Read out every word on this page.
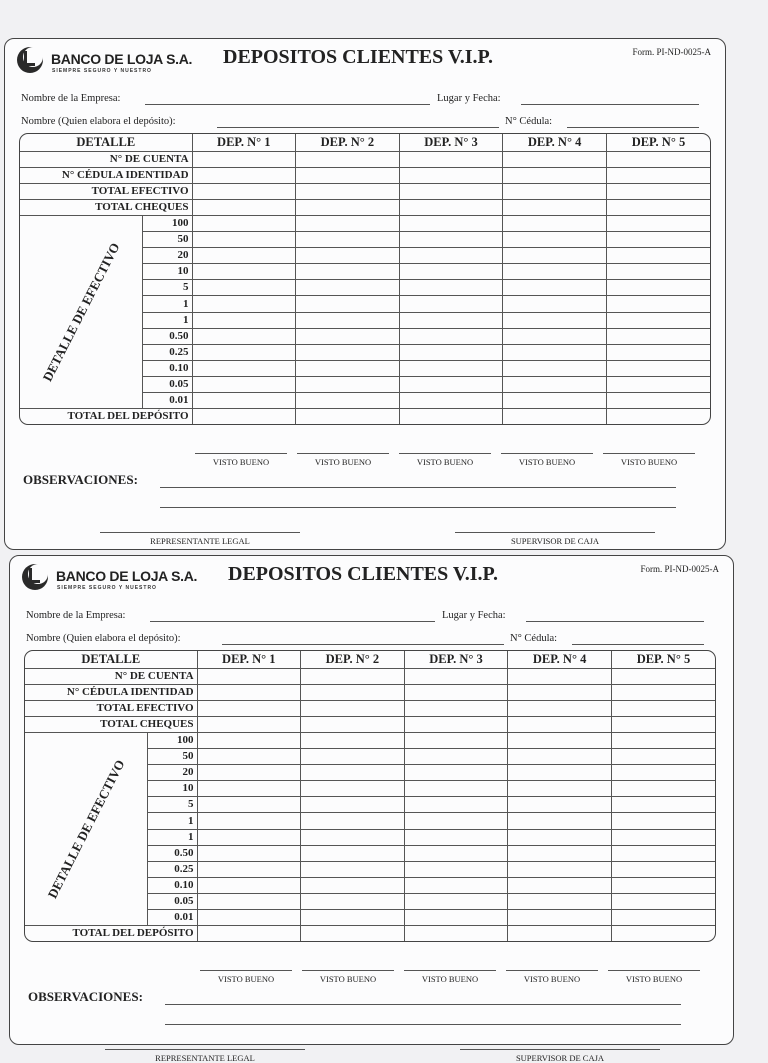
BANCO DE LOJA S.A.
SIEMPRE SEGURO Y NUESTRO
DEPOSITOS CLIENTES V.I.P.	Form. PI-ND-0025-A
Nombre de la Empresa:	Lugar y Fecha:
Nombre (Quien elabora el depósito):	N° Cédula:
DETALLE		DEP. N° 1	DEP. N° 2	DEP. N° 3	DEP. N° 4	DEP. N° 5
N° DE CUENTA						
N° CÉDULA IDENTIDAD						
TOTAL EFECTIVO						
TOTAL CHEQUES						

DETALLE DE EFECTIVO	100					
	50					
	20					
	10					
	5					
	1					
	1					
	0.50					
	0.25					
	0.10					
	0.05					
	0.01					
TOTAL DEL DEPÓSITO						
VISTO BUENO	VISTO BUENO	VISTO BUENO	VISTO BUENO	VISTO BUENO
OBSERVACIONES:
REPRESENTANTE LEGAL	SUPERVISOR DE CAJA
BANCO DE LOJA S.A.
SIEMPRE SEGURO Y NUESTRO
DEPOSITOS CLIENTES V.I.P.	Form. PI-ND-0025-A
Nombre de la Empresa:	Lugar y Fecha:
Nombre (Quien elabora el depósito):	N° Cédula:
DETALLE		DEP. N° 1	DEP. N° 2	DEP. N° 3	DEP. N° 4	DEP. N° 5
N° DE CUENTA						
N° CÉDULA IDENTIDAD						
TOTAL EFECTIVO						
TOTAL CHEQUES						

DETALLE DE EFECTIVO	100					
	50					
	20					
	10					
	5					
	1					
	1					
	0.50					
	0.25					
	0.10					
	0.05					
	0.01					
TOTAL DEL DEPÓSITO						
VISTO BUENO	VISTO BUENO	VISTO BUENO	VISTO BUENO	VISTO BUENO
OBSERVACIONES:
REPRESENTANTE LEGAL	SUPERVISOR DE CAJA
